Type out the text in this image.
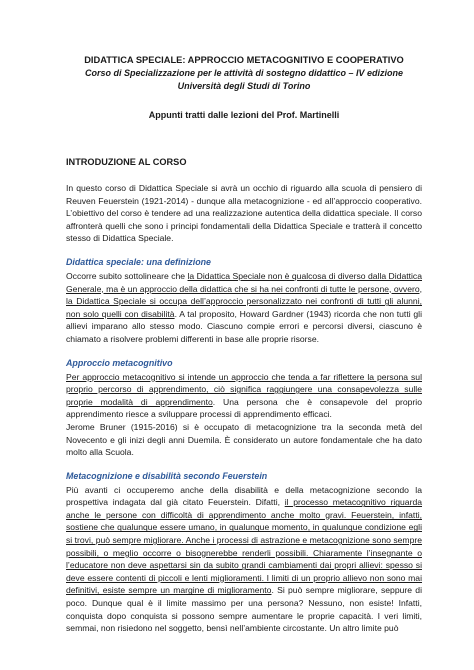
DIDATTICA SPECIALE: APPROCCIO METACOGNITIVO E COOPERATIVO
Corso di Specializzazione per le attività di sostegno didattico – IV edizione
Università degli Studi di Torino
Appunti tratti dalle lezioni del Prof. Martinelli
INTRODUZIONE AL CORSO

In questo corso di Didattica Speciale si avrà un occhio di riguardo alla scuola di pensiero di Reuven Feuerstein (1921-2014) - dunque alla metacognizione - ed all’approccio cooperativo. L’obiettivo del corso è tendere ad una realizzazione autentica della didattica speciale. Il corso affronterà quelli che sono i principi fondamentali della Didattica Speciale e tratterà il concetto stesso di Didattica Speciale.

Didattica speciale: una definizione

Occorre subito sottolineare che la Didattica Speciale non è qualcosa di diverso dalla Didattica Generale, ma è un approccio della didattica che si ha nei confronti di tutte le persone, ovvero, la Didattica Speciale si occupa dell’approccio personalizzato nei confronti di tutti gli alunni, non solo quelli con disabilità. A tal proposito, Howard Gardner (1943) ricorda che non tutti gli allievi imparano allo stesso modo. Ciascuno compie errori e percorsi diversi, ciascuno è chiamato a risolvere problemi differenti in base alle proprie risorse.

Approccio metacognitivo

Per approccio metacognitivo si intende un approccio che tenda a far riflettere la persona sul proprio percorso di apprendimento, ciò significa raggiungere una consapevolezza sulle proprie modalità di apprendimento. Una persona che è consapevole del proprio apprendimento riesce a sviluppare processi di apprendimento efficaci.

Jerome Bruner (1915-2016) si è occupato di metacognizione tra la seconda metà del Novecento e gli inizi degli anni Duemila. È considerato un autore fondamentale che ha dato molto alla Scuola.

Metacognizione e disabilità secondo Feuerstein

Più avanti ci occuperemo anche della disabilità e della metacognizione secondo la prospettiva indagata dal già citato Feuerstein. Difatti, il processo metacognitivo riguarda anche le persone con difficoltà di apprendimento anche molto gravi. Feuerstein, infatti, sostiene che qualunque essere umano, in qualunque momento, in qualunque condizione egli si trovi, può sempre migliorare. Anche i processi di astrazione e metacognizione sono sempre possibili, o meglio occorre o bisognerebbe renderli possibili. Chiaramente l’insegnante o l’educatore non deve aspettarsi sin da subito grandi cambiamenti dai propri allievi: spesso si deve essere contenti di piccoli e lenti miglioramenti. I limiti di un proprio allievo non sono mai definitivi, esiste sempre un margine di miglioramento. Si può sempre migliorare, seppure di poco. Dunque qual è il limite massimo per una persona? Nessuno, non esiste! Infatti, conquista dopo conquista si possono sempre aumentare le proprie capacità. I veri limiti, semmai, non risiedono nel soggetto, bensì nell’ambiente circostante. Un altro limite può
